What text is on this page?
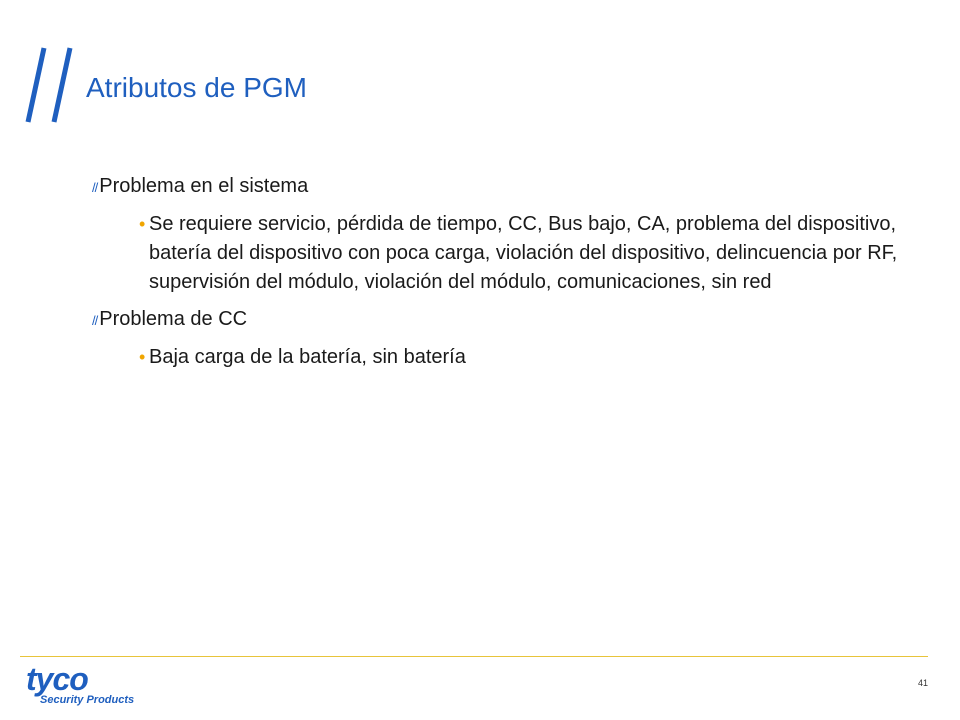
Atributos de PGM

// Problema en el sistema

• Se requiere servicio, pérdida de tiempo, CC, Bus bajo, CA, problema del dispositivo, batería del dispositivo con poca carga, violación del dispositivo, delincuencia por RF, supervisión del módulo, violación del módulo, comunicaciones, sin red

// Problema de CC

• Baja carga de la batería, sin batería

tyco
Security Products
41
